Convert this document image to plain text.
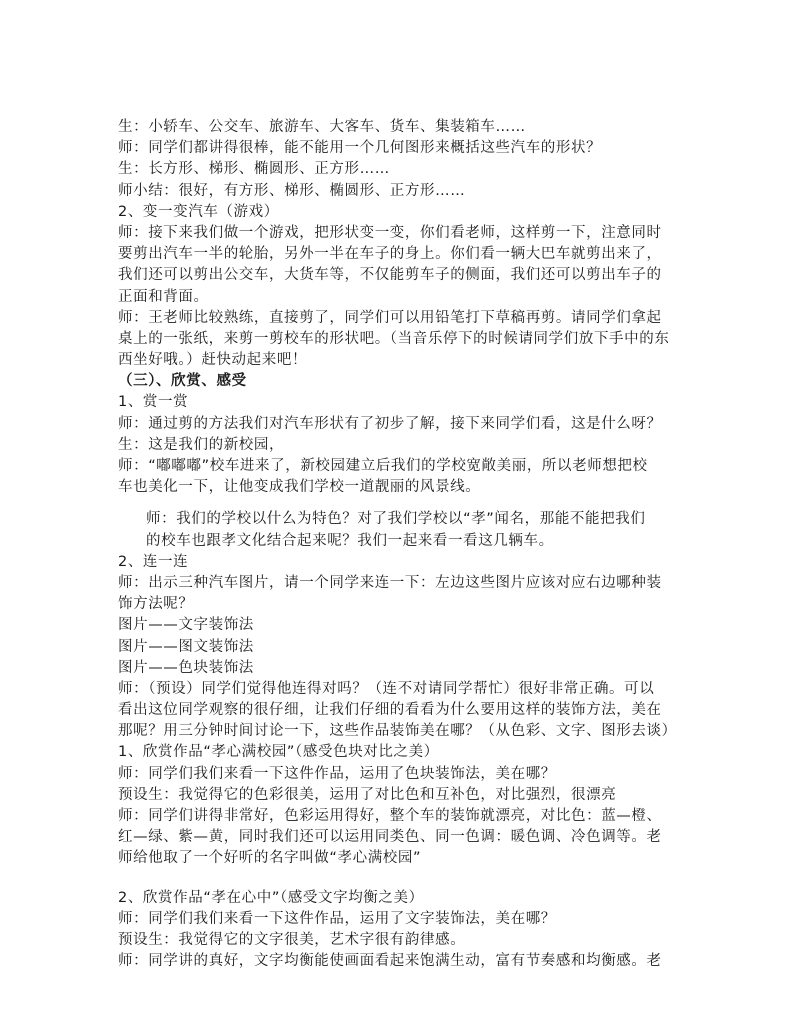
生：小轿车、公交车、旅游车、大客车、货车、集装箱车……
师：同学们都讲得很棒，能不能用一个几何图形来概括这些汽车的形状？
生：长方形、梯形、椭圆形、正方形……
师小结：很好，有方形、梯形、椭圆形、正方形……
2、变一变汽车（游戏）
师：接下来我们做一个游戏，把形状变一变，你们看老师，这样剪一下，注意同时
要剪出汽车一半的轮胎，另外一半在车子的身上。你们看一辆大巴车就剪出来了，
我们还可以剪出公交车，大货车等，不仅能剪车子的侧面，我们还可以剪出车子的
正面和背面。
师：王老师比较熟练，直接剪了，同学们可以用铅笔打下草稿再剪。请同学们拿起
桌上的一张纸，来剪一剪校车的形状吧。（当音乐停下的时候请同学们放下手中的东
西坐好哦。）赶快动起来吧！
（三）、欣赏、感受
1、赏一赏
师：通过剪的方法我们对汽车形状有了初步了解，接下来同学们看，这是什么呀？
生：这是我们的新校园，
师：“嘟嘟嘟”校车进来了，新校园建立后我们的学校宽敞美丽，所以老师想把校
车也美化一下，让他变成我们学校一道靓丽的风景线。
师：我们的学校以什么为特色？对了我们学校以“孝”闻名，那能不能把我们
的校车也跟孝文化结合起来呢？我们一起来看一看这几辆车。
2、连一连
师：出示三种汽车图片，请一个同学来连一下：左边这些图片应该对应右边哪种装
饰方法呢？
图片——文字装饰法
图片——图文装饰法
图片——色块装饰法
师：（预设）同学们觉得他连得对吗？（连不对请同学帮忙）很好非常正确。可以
看出这位同学观察的很仔细，让我们仔细的看看为什么要用这样的装饰方法，美在
那呢？用三分钟时间讨论一下，这些作品装饰美在哪？（从色彩、文字、图形去谈）
1、欣赏作品“孝心满校园”（感受色块对比之美）
师：同学们我们来看一下这件作品，运用了色块装饰法，美在哪？
预设生：我觉得它的色彩很美，运用了对比色和互补色，对比强烈，很漂亮
师：同学们讲得非常好，色彩运用得好，整个车的装饰就漂亮，对比色：蓝—橙、
红—绿、紫—黄，同时我们还可以运用同类色、同一色调：暖色调、冷色调等。老
师给他取了一个好听的名字叫做“孝心满校园”
2、欣赏作品“孝在心中”（感受文字均衡之美）
师：同学们我们来看一下这件作品，运用了文字装饰法，美在哪？
预设生：我觉得它的文字很美，艺术字很有韵律感。
师：同学讲的真好，文字均衡能使画面看起来饱满生动，富有节奏感和均衡感。老
